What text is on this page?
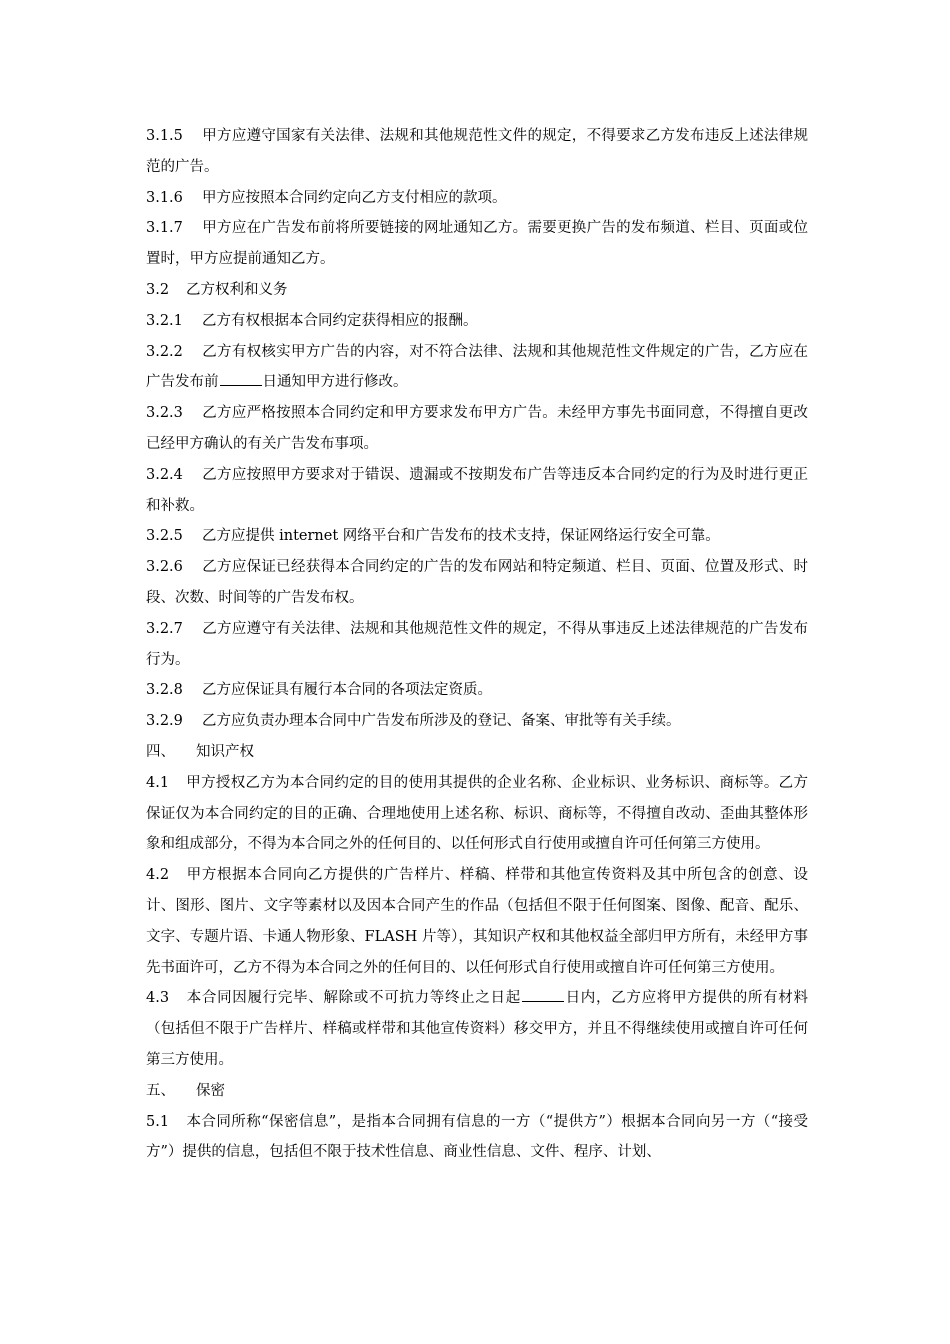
3.1.5 甲方应遵守国家有关法律、法规和其他规范性文件的规定，不得要求乙方发布违反上述法律规范的广告。

3.1.6 甲方应按照本合同约定向乙方支付相应的款项。

3.1.7 甲方应在广告发布前将所要链接的网址通知乙方。需要更换广告的发布频道、栏目、页面或位置时，甲方应提前通知乙方。

3.2 乙方权利和义务

3.2.1 乙方有权根据本合同约定获得相应的报酬。

3.2.2 乙方有权核实甲方广告的内容，对不符合法律、法规和其他规范性文件规定的广告，乙方应在广告发布前	日通知甲方进行修改。

3.2.3 乙方应严格按照本合同约定和甲方要求发布甲方广告。未经甲方事先书面同意，不得擅自更改已经甲方确认的有关广告发布事项。

3.2.4 乙方应按照甲方要求对于错误、遗漏或不按期发布广告等违反本合同约定的行为及时进行更正和补救。

3.2.5 乙方应提供 internet 网络平台和广告发布的技术支持，保证网络运行安全可靠。

3.2.6 乙方应保证已经获得本合同约定的广告的发布网站和特定频道、栏目、页面、位置及形式、时段、次数、时间等的广告发布权。

3.2.7 乙方应遵守有关法律、法规和其他规范性文件的规定，不得从事违反上述法律规范的广告发布行为。

3.2.8 乙方应保证具有履行本合同的各项法定资质。

3.2.9 乙方应负责办理本合同中广告发布所涉及的登记、备案、审批等有关手续。

四、 知识产权

4.1 甲方授权乙方为本合同约定的目的使用其提供的企业名称、企业标识、业务标识、商标等。乙方保证仅为本合同约定的目的正确、合理地使用上述名称、标识、商标等，不得擅自改动、歪曲其整体形象和组成部分，不得为本合同之外的任何目的、以任何形式自行使用或擅自许可任何第三方使用。

4.2 甲方根据本合同向乙方提供的广告样片、样稿、样带和其他宣传资料及其中所包含的创意、设计、图形、图片、文字等素材以及因本合同产生的作品（包括但不限于任何图案、图像、配音、配乐、文字、专题片语、卡通人物形象、FLASH 片等），其知识产权和其他权益全部归甲方所有，未经甲方事先书面许可，乙方不得为本合同之外的任何目的、以任何形式自行使用或擅自许可任何第三方使用。

4.3 本合同因履行完毕、解除或不可抗力等终止之日起	日内，乙方应将甲方提供的所有材料（包括但不限于广告样片、样稿或样带和其他宣传资料）移交甲方，并且不得继续使用或擅自许可任何第三方使用。

五、 保密

5.1 本合同所称“保密信息”，是指本合同拥有信息的一方（“提供方”）根据本合同向另一方（“接受方”）提供的信息，包括但不限于技术性信息、商业性信息、文件、程序、计划、
